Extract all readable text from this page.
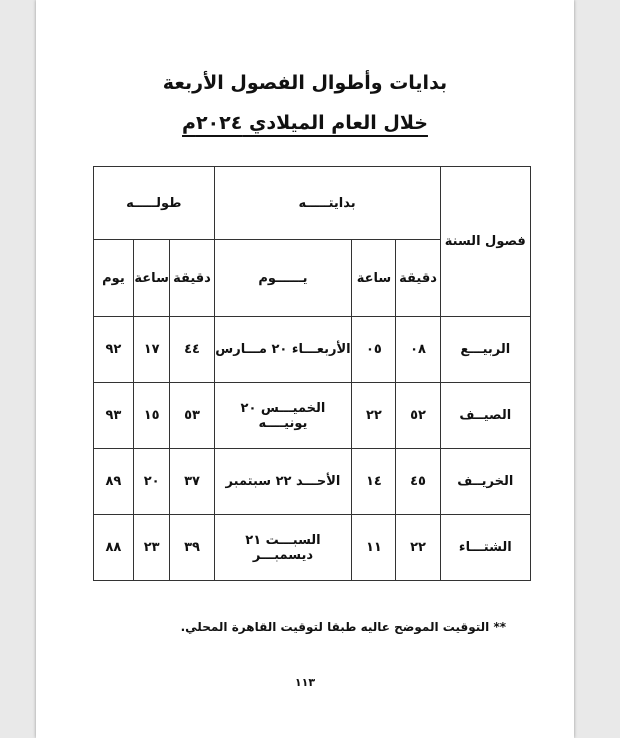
بدايات وأطوال الفصول الأربعة
خلال العام الميلادي ٢٠٢٤م
فصول السنة	بدايتـــــه			طولـــــه		
	دقيقة	ساعة	يــــــوم	دقيقة	ساعة	يوم
الربيـــع	٠٨	٠٥	الأربعـــاء ٢٠ مـــارس	٤٤	١٧	٩٢
الصيــف	٥٢	٢٢	الخميـــس ٢٠ يونيــــه	٥٣	١٥	٩٣
الخريــف	٤٥	١٤	الأحـــد ٢٢ سبتمبر	٣٧	٢٠	٨٩
الشتـــاء	٢٢	١١	السبـــت ٢١ ديسمبـــر	٣٩	٢٣	٨٨
** التوقيت الموضح عاليه طبقا لتوقيت القاهرة المحلي.
١١٣
